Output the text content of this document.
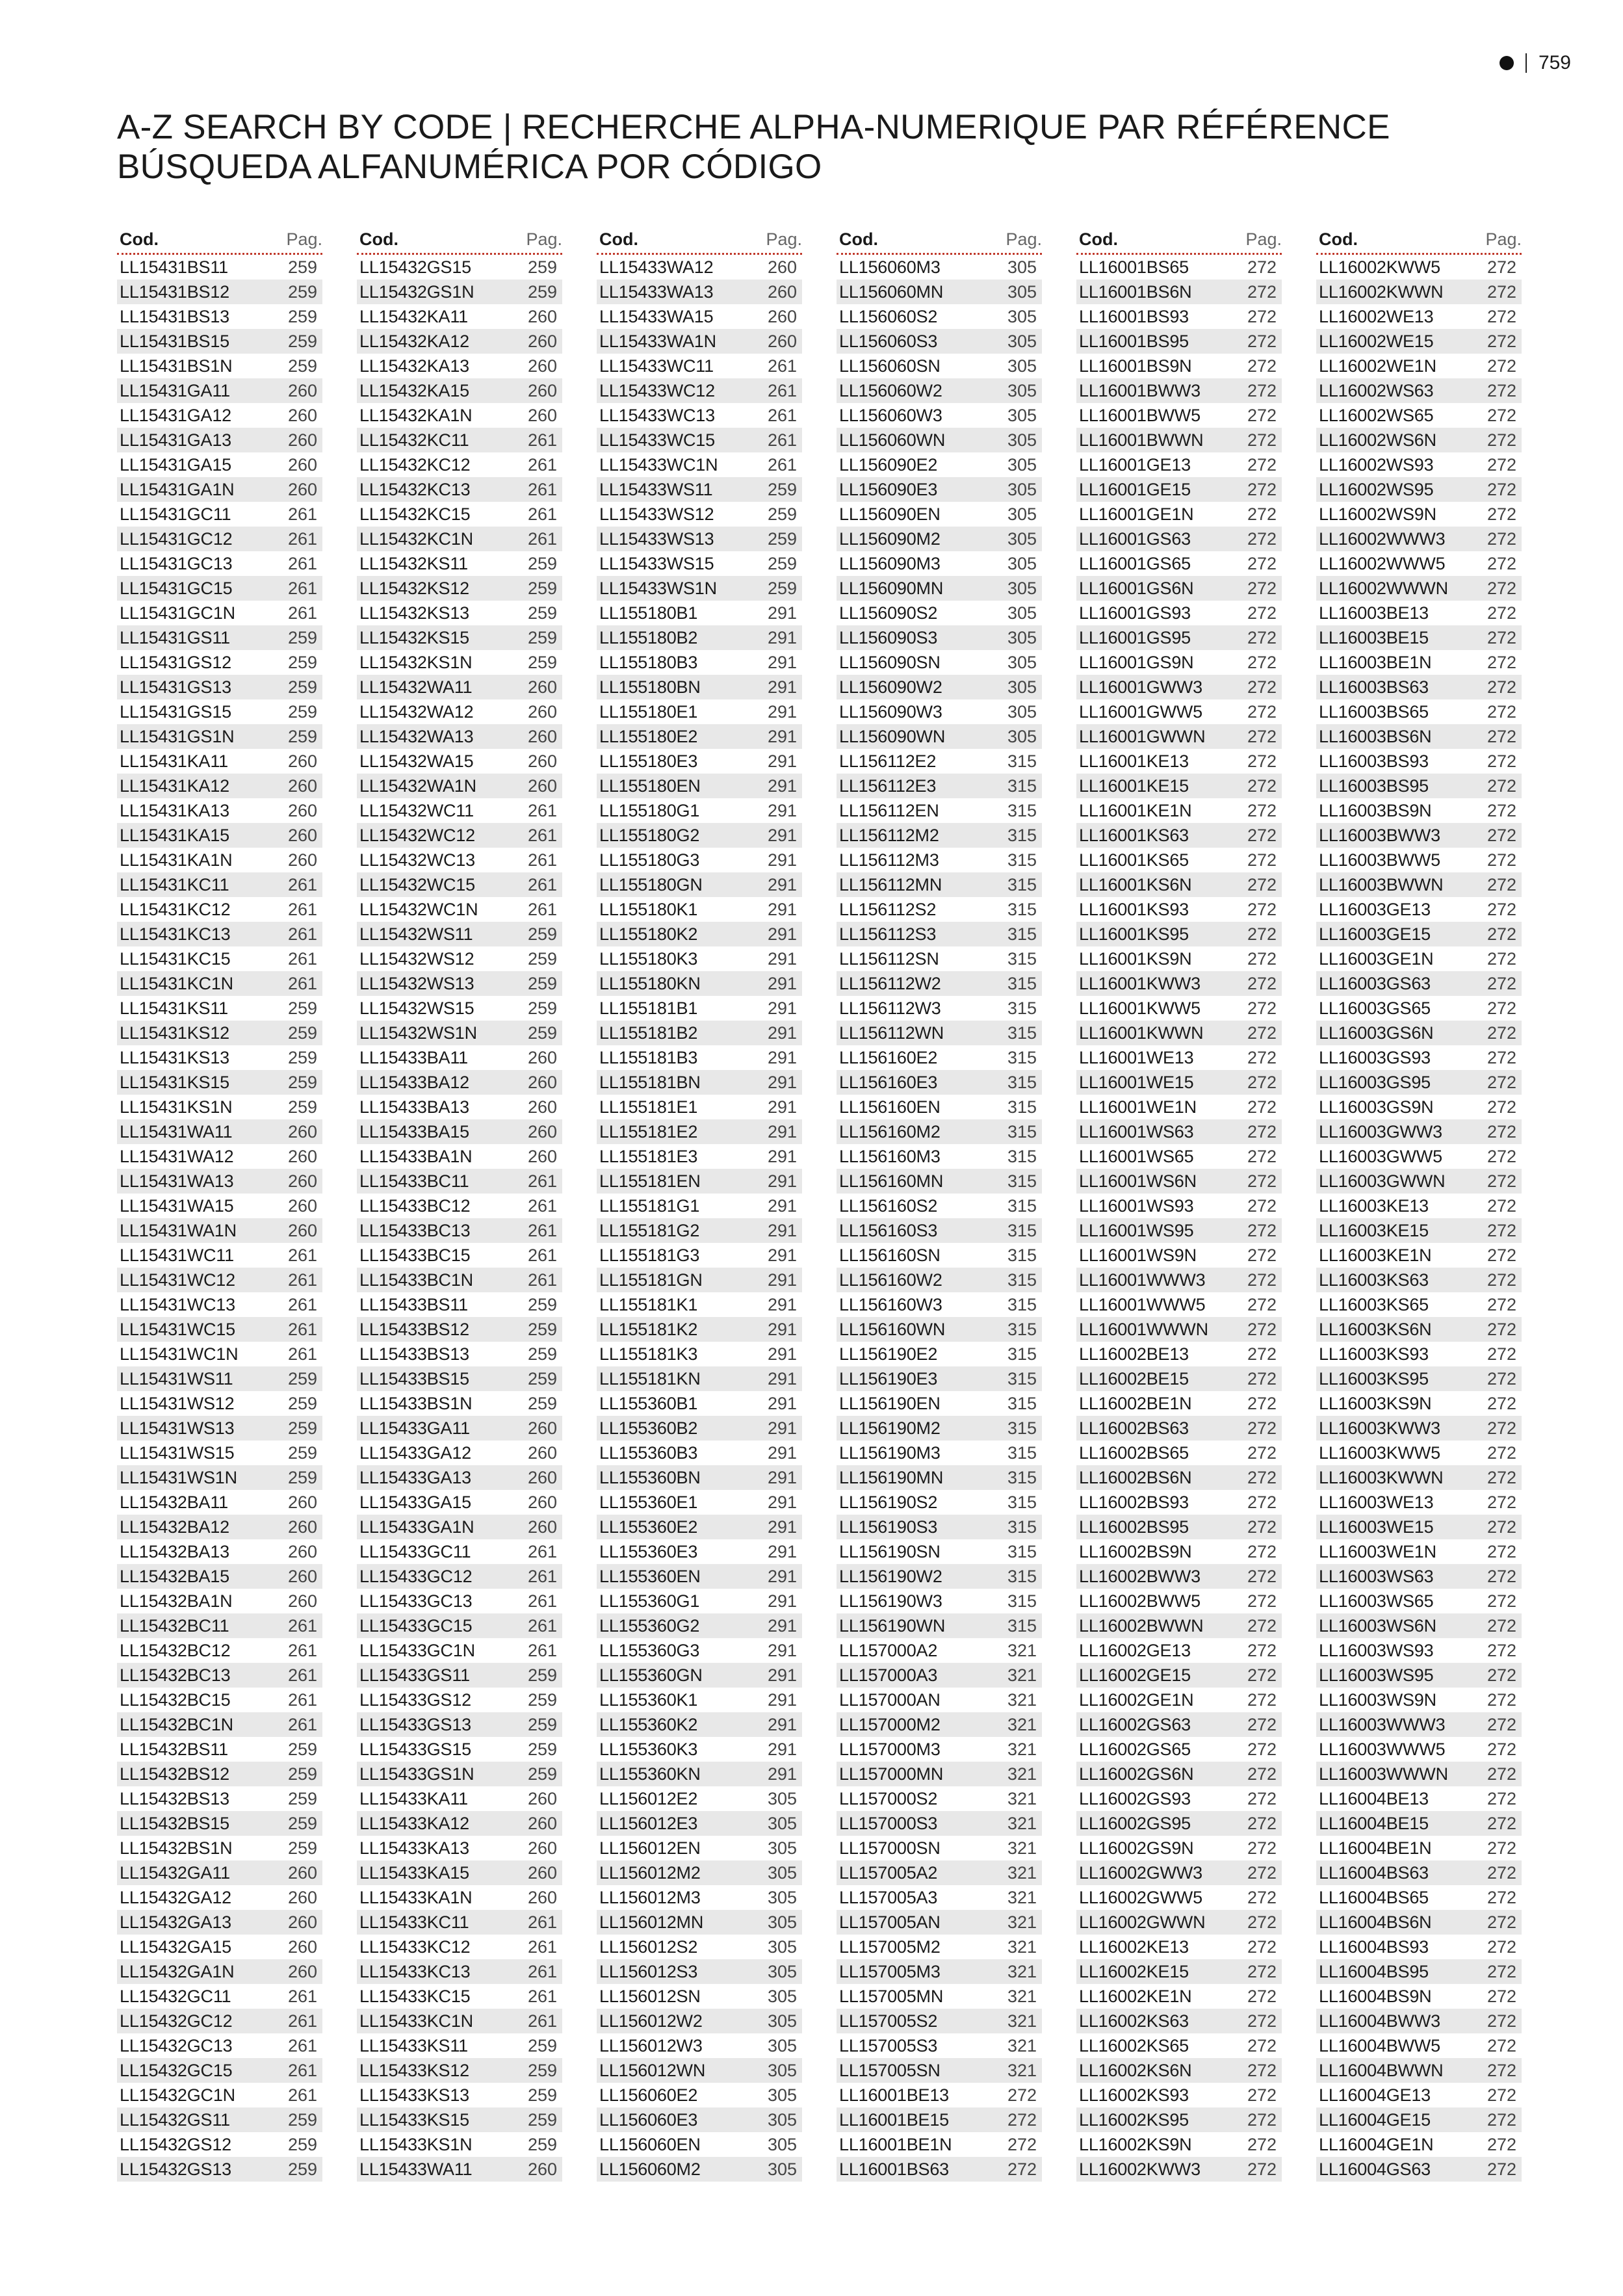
759
A-Z SEARCH BY CODE | RECHERCHE ALPHA-NUMERIQUE PAR RÉFÉRENCE
BÚSQUEDA ALFANUMÉRICA POR CÓDIGO
Cod.	Pag.
LL15431BS11	259
LL15431BS12	259
LL15431BS13	259
LL15431BS15	259
LL15431BS1N	259
LL15431GA11	260
LL15431GA12	260
LL15431GA13	260
LL15431GA15	260
LL15431GA1N	260
LL15431GC11	261
LL15431GC12	261
LL15431GC13	261
LL15431GC15	261
LL15431GC1N	261
LL15431GS11	259
LL15431GS12	259
LL15431GS13	259
LL15431GS15	259
LL15431GS1N	259
LL15431KA11	260
LL15431KA12	260
LL15431KA13	260
LL15431KA15	260
LL15431KA1N	260
LL15431KC11	261
LL15431KC12	261
LL15431KC13	261
LL15431KC15	261
LL15431KC1N	261
LL15431KS11	259
LL15431KS12	259
LL15431KS13	259
LL15431KS15	259
LL15431KS1N	259
LL15431WA11	260
LL15431WA12	260
LL15431WA13	260
LL15431WA15	260
LL15431WA1N	260
LL15431WC11	261
LL15431WC12	261
LL15431WC13	261
LL15431WC15	261
LL15431WC1N	261
LL15431WS11	259
LL15431WS12	259
LL15431WS13	259
LL15431WS15	259
LL15431WS1N	259
LL15432BA11	260
LL15432BA12	260
LL15432BA13	260
LL15432BA15	260
LL15432BA1N	260
LL15432BC11	261
LL15432BC12	261
LL15432BC13	261
LL15432BC15	261
LL15432BC1N	261
LL15432BS11	259
LL15432BS12	259
LL15432BS13	259
LL15432BS15	259
LL15432BS1N	259
LL15432GA11	260
LL15432GA12	260
LL15432GA13	260
LL15432GA15	260
LL15432GA1N	260
LL15432GC11	261
LL15432GC12	261
LL15432GC13	261
LL15432GC15	261
LL15432GC1N	261
LL15432GS11	259
LL15432GS12	259
LL15432GS13	259
Cod.	Pag.
LL15432GS15	259
LL15432GS1N	259
LL15432KA11	260
LL15432KA12	260
LL15432KA13	260
LL15432KA15	260
LL15432KA1N	260
LL15432KC11	261
LL15432KC12	261
LL15432KC13	261
LL15432KC15	261
LL15432KC1N	261
LL15432KS11	259
LL15432KS12	259
LL15432KS13	259
LL15432KS15	259
LL15432KS1N	259
LL15432WA11	260
LL15432WA12	260
LL15432WA13	260
LL15432WA15	260
LL15432WA1N	260
LL15432WC11	261
LL15432WC12	261
LL15432WC13	261
LL15432WC15	261
LL15432WC1N	261
LL15432WS11	259
LL15432WS12	259
LL15432WS13	259
LL15432WS15	259
LL15432WS1N	259
LL15433BA11	260
LL15433BA12	260
LL15433BA13	260
LL15433BA15	260
LL15433BA1N	260
LL15433BC11	261
LL15433BC12	261
LL15433BC13	261
LL15433BC15	261
LL15433BC1N	261
LL15433BS11	259
LL15433BS12	259
LL15433BS13	259
LL15433BS15	259
LL15433BS1N	259
LL15433GA11	260
LL15433GA12	260
LL15433GA13	260
LL15433GA15	260
LL15433GA1N	260
LL15433GC11	261
LL15433GC12	261
LL15433GC13	261
LL15433GC15	261
LL15433GC1N	261
LL15433GS11	259
LL15433GS12	259
LL15433GS13	259
LL15433GS15	259
LL15433GS1N	259
LL15433KA11	260
LL15433KA12	260
LL15433KA13	260
LL15433KA15	260
LL15433KA1N	260
LL15433KC11	261
LL15433KC12	261
LL15433KC13	261
LL15433KC15	261
LL15433KC1N	261
LL15433KS11	259
LL15433KS12	259
LL15433KS13	259
LL15433KS15	259
LL15433KS1N	259
LL15433WA11	260
Cod.	Pag.
LL15433WA12	260
LL15433WA13	260
LL15433WA15	260
LL15433WA1N	260
LL15433WC11	261
LL15433WC12	261
LL15433WC13	261
LL15433WC15	261
LL15433WC1N	261
LL15433WS11	259
LL15433WS12	259
LL15433WS13	259
LL15433WS15	259
LL15433WS1N	259
LL155180B1	291
LL155180B2	291
LL155180B3	291
LL155180BN	291
LL155180E1	291
LL155180E2	291
LL155180E3	291
LL155180EN	291
LL155180G1	291
LL155180G2	291
LL155180G3	291
LL155180GN	291
LL155180K1	291
LL155180K2	291
LL155180K3	291
LL155180KN	291
LL155181B1	291
LL155181B2	291
LL155181B3	291
LL155181BN	291
LL155181E1	291
LL155181E2	291
LL155181E3	291
LL155181EN	291
LL155181G1	291
LL155181G2	291
LL155181G3	291
LL155181GN	291
LL155181K1	291
LL155181K2	291
LL155181K3	291
LL155181KN	291
LL155360B1	291
LL155360B2	291
LL155360B3	291
LL155360BN	291
LL155360E1	291
LL155360E2	291
LL155360E3	291
LL155360EN	291
LL155360G1	291
LL155360G2	291
LL155360G3	291
LL155360GN	291
LL155360K1	291
LL155360K2	291
LL155360K3	291
LL155360KN	291
LL156012E2	305
LL156012E3	305
LL156012EN	305
LL156012M2	305
LL156012M3	305
LL156012MN	305
LL156012S2	305
LL156012S3	305
LL156012SN	305
LL156012W2	305
LL156012W3	305
LL156012WN	305
LL156060E2	305
LL156060E3	305
LL156060EN	305
LL156060M2	305
Cod.	Pag.
LL156060M3	305
LL156060MN	305
LL156060S2	305
LL156060S3	305
LL156060SN	305
LL156060W2	305
LL156060W3	305
LL156060WN	305
LL156090E2	305
LL156090E3	305
LL156090EN	305
LL156090M2	305
LL156090M3	305
LL156090MN	305
LL156090S2	305
LL156090S3	305
LL156090SN	305
LL156090W2	305
LL156090W3	305
LL156090WN	305
LL156112E2	315
LL156112E3	315
LL156112EN	315
LL156112M2	315
LL156112M3	315
LL156112MN	315
LL156112S2	315
LL156112S3	315
LL156112SN	315
LL156112W2	315
LL156112W3	315
LL156112WN	315
LL156160E2	315
LL156160E3	315
LL156160EN	315
LL156160M2	315
LL156160M3	315
LL156160MN	315
LL156160S2	315
LL156160S3	315
LL156160SN	315
LL156160W2	315
LL156160W3	315
LL156160WN	315
LL156190E2	315
LL156190E3	315
LL156190EN	315
LL156190M2	315
LL156190M3	315
LL156190MN	315
LL156190S2	315
LL156190S3	315
LL156190SN	315
LL156190W2	315
LL156190W3	315
LL156190WN	315
LL157000A2	321
LL157000A3	321
LL157000AN	321
LL157000M2	321
LL157000M3	321
LL157000MN	321
LL157000S2	321
LL157000S3	321
LL157000SN	321
LL157005A2	321
LL157005A3	321
LL157005AN	321
LL157005M2	321
LL157005M3	321
LL157005MN	321
LL157005S2	321
LL157005S3	321
LL157005SN	321
LL16001BE13	272
LL16001BE15	272
LL16001BE1N	272
LL16001BS63	272
Cod.	Pag.
LL16001BS65	272
LL16001BS6N	272
LL16001BS93	272
LL16001BS95	272
LL16001BS9N	272
LL16001BWW3	272
LL16001BWW5	272
LL16001BWWN	272
LL16001GE13	272
LL16001GE15	272
LL16001GE1N	272
LL16001GS63	272
LL16001GS65	272
LL16001GS6N	272
LL16001GS93	272
LL16001GS95	272
LL16001GS9N	272
LL16001GWW3	272
LL16001GWW5	272
LL16001GWWN 272
LL16001KE13	272
LL16001KE15	272
LL16001KE1N	272
LL16001KS63	272
LL16001KS65	272
LL16001KS6N	272
LL16001KS93	272
LL16001KS95	272
LL16001KS9N	272
LL16001KWW3	272
LL16001KWW5	272
LL16001KWWN	272
LL16001WE13	272
LL16001WE15	272
LL16001WE1N	272
LL16001WS63	272
LL16001WS65	272
LL16001WS6N	272
LL16001WS93	272
LL16001WS95	272
LL16001WS9N	272
LL16001WWW3 272
LL16001WWW5 272
LL16001WWWN 272
LL16002BE13	272
LL16002BE15	272
LL16002BE1N	272
LL16002BS63	272
LL16002BS65	272
LL16002BS6N	272
LL16002BS93	272
LL16002BS95	272
LL16002BS9N	272
LL16002BWW3	272
LL16002BWW5	272
LL16002BWWN	272
LL16002GE13	272
LL16002GE15	272
LL16002GE1N	272
LL16002GS63	272
LL16002GS65	272
LL16002GS6N	272
LL16002GS93	272
LL16002GS95	272
LL16002GS9N	272
LL16002GWW3	272
LL16002GWW5	272
LL16002GWWN 272
LL16002KE13	272
LL16002KE15	272
LL16002KE1N	272
LL16002KS63	272
LL16002KS65	272
LL16002KS6N	272
LL16002KS93	272
LL16002KS95	272
LL16002KS9N	272
LL16002KWW3	272
Cod.	Pag.
LL16002KWW5	272
LL16002KWWN	272
LL16002WE13	272
LL16002WE15	272
LL16002WE1N	272
LL16002WS63	272
LL16002WS65	272
LL16002WS6N	272
LL16002WS93	272
LL16002WS95	272
LL16002WS9N	272
LL16002WWW3 272
LL16002WWW5 272
LL16002WWWN 272
LL16003BE13	272
LL16003BE15	272
LL16003BE1N	272
LL16003BS63	272
LL16003BS65	272
LL16003BS6N	272
LL16003BS93	272
LL16003BS95	272
LL16003BS9N	272
LL16003BWW3	272
LL16003BWW5	272
LL16003BWWN	272
LL16003GE13	272
LL16003GE15	272
LL16003GE1N	272
LL16003GS63	272
LL16003GS65	272
LL16003GS6N	272
LL16003GS93	272
LL16003GS95	272
LL16003GS9N	272
LL16003GWW3	272
LL16003GWW5	272
LL16003GWWN 272
LL16003KE13	272
LL16003KE15	272
LL16003KE1N	272
LL16003KS63	272
LL16003KS65	272
LL16003KS6N	272
LL16003KS93	272
LL16003KS95	272
LL16003KS9N	272
LL16003KWW3	272
LL16003KWW5	272
LL16003KWWN	272
LL16003WE13	272
LL16003WE15	272
LL16003WE1N	272
LL16003WS63	272
LL16003WS65	272
LL16003WS6N	272
LL16003WS93	272
LL16003WS95	272
LL16003WS9N	272
LL16003WWW3 272
LL16003WWW5 272
LL16003WWWN 272
LL16004BE13	272
LL16004BE15	272
LL16004BE1N	272
LL16004BS63	272
LL16004BS65	272
LL16004BS6N	272
LL16004BS93	272
LL16004BS95	272
LL16004BS9N	272
LL16004BWW3	272
LL16004BWW5	272
LL16004BWWN	272
LL16004GE13	272
LL16004GE15	272
LL16004GE1N	272
LL16004GS63	272
